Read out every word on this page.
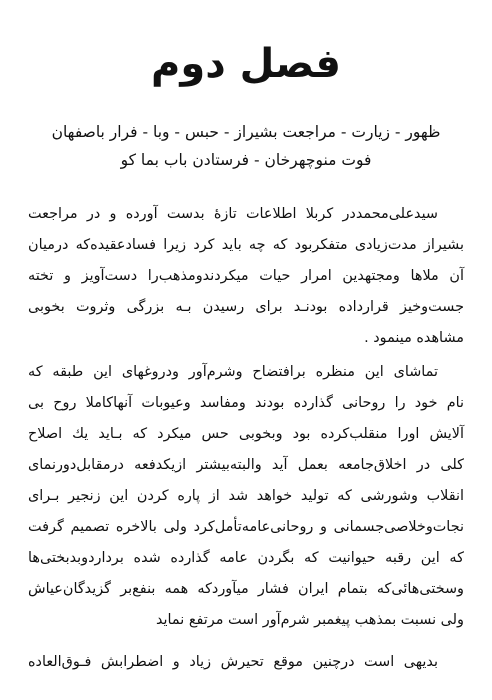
فصل دوم
ظهور - زیارت - مراجعت بشیراز - حبس - وبا - فرار باصفهان
فوت منوچهرخان - فرستادن باب بما کو
سیدعلی‌محمددر کربلا اطلاعات تازهٔ بدست آورده و در مراجعت
بشیراز مدت‌زیادی متفکربود که چه باید کرد زیرا فسادعقیده‌که درمیان
آن ملاها ومجتهدین امرار حیات میکردندو‌مذهب‌را دست‌آویز و تخته
جست‌وخیز قرارداده بودنـد برای رسیدن بـه بزرگی وثروت بخوبی
مشاهده مینمود .
تماشای این منظره برافتضاح وشرم‌آور ودروغهای این طبقه که
نام خود را روحانی گذارده بودند ومفاسد وعیوبات آنها‌کاملا روح بی
آلایش اورا منقلب‌کرده بود وبخوبی حس میکرد که بـاید یك اصلاح
کلی در اخلاق‌جامعه بعمل آید والبته‌بیشتر ازیکدفعه درمقابل‌دورنمای
انقلاب وشورشی که تولید خواهد شد از پاره کردن این زنجیر بـرای
نجات‌وخلاصی‌جسمانی و روحانی‌عامه‌تأمل‌کرد ولی بالاخره تصمیم گرفت
که این رقبه حیوانیت که بگردن عامه گذارده شده بردارد‌وبدبختی‌ها
وسختی‌هائی‌که بتمام ایران فشار میآورد‌که همه بنفع‌بر گزیدگان‌عیاش
ولی نسبت بمذهب پیغمبر شرم‌آور است مرتفع نماید
بدیهی است درچنین موقع تحیرش زیاد و اضطرابش فـوق‌العاده
